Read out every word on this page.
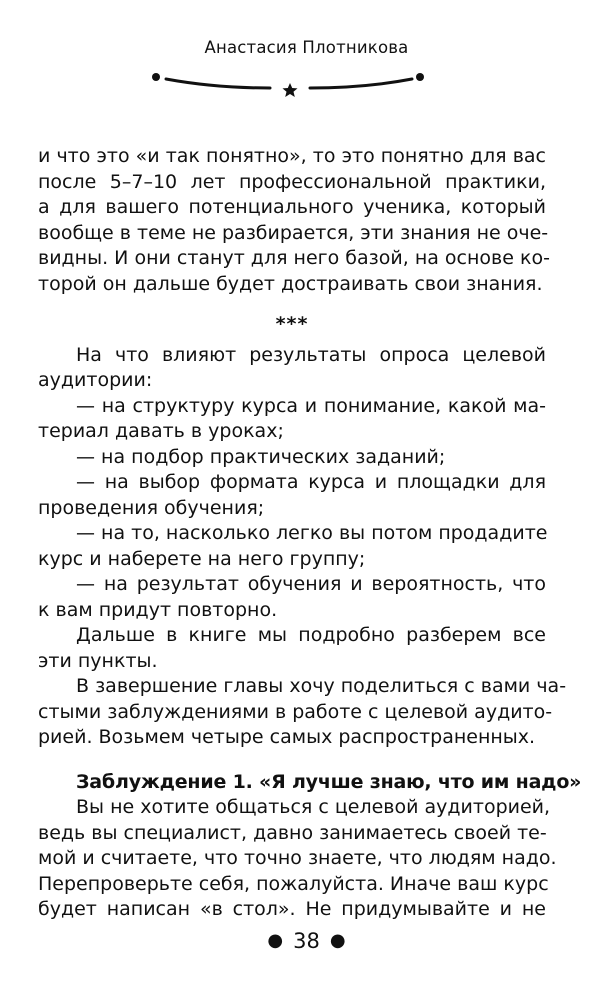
Анастасия Плотникова
и что это «и так понятно», то это понятно для вас
после 5–7–10 лет профессиональной практики,
а для вашего потенциального ученика, который
вообще в теме не разбирается, эти знания не оче-
видны. И они станут для него базой, на основе ко-
торой он дальше будет достраивать свои знания.
***
На что влияют результаты опроса целевой
аудитории:
— на структуру курса и понимание, какой ма-
териал давать в уроках;
— на подбор практических заданий;
— на выбор формата курса и площадки для
проведения обучения;
— на то, насколько легко вы потом продадите
курс и наберете на него группу;
— на результат обучения и вероятность, что
к вам придут повторно.
Дальше в книге мы подробно разберем все
эти пункты.
В завершение главы хочу поделиться с вами ча-
стыми заблуждениями в работе с целевой аудито-
рией. Возьмем четыре самых распространенных.
Заблуждение 1. «Я лучше знаю, что им надо»
Вы не хотите общаться с целевой аудиторией,
ведь вы специалист, давно занимаетесь своей те-
мой и считаете, что точно знаете, что людям надо.
Перепроверьте себя, пожалуйста. Иначе ваш курс
будет написан «в стол». Не придумывайте и не
● 38 ●
